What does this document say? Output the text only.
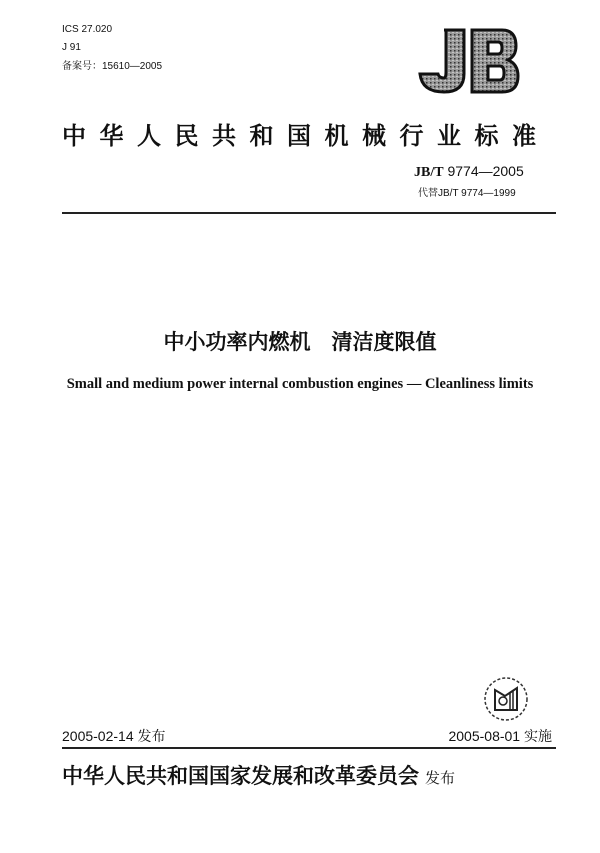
ICS 27.020
J 91
备案号：15610—2005
中华人民共和国机械行业标准
JB/T 9774—2005
代替JB/T 9774—1999
中小功率内燃机　清洁度限值
Small and medium power internal combustion engines — Cleanliness limits
2005-02-14 发布	2005-08-01 实施
中华人民共和国国家发展和改革委员会 发布
